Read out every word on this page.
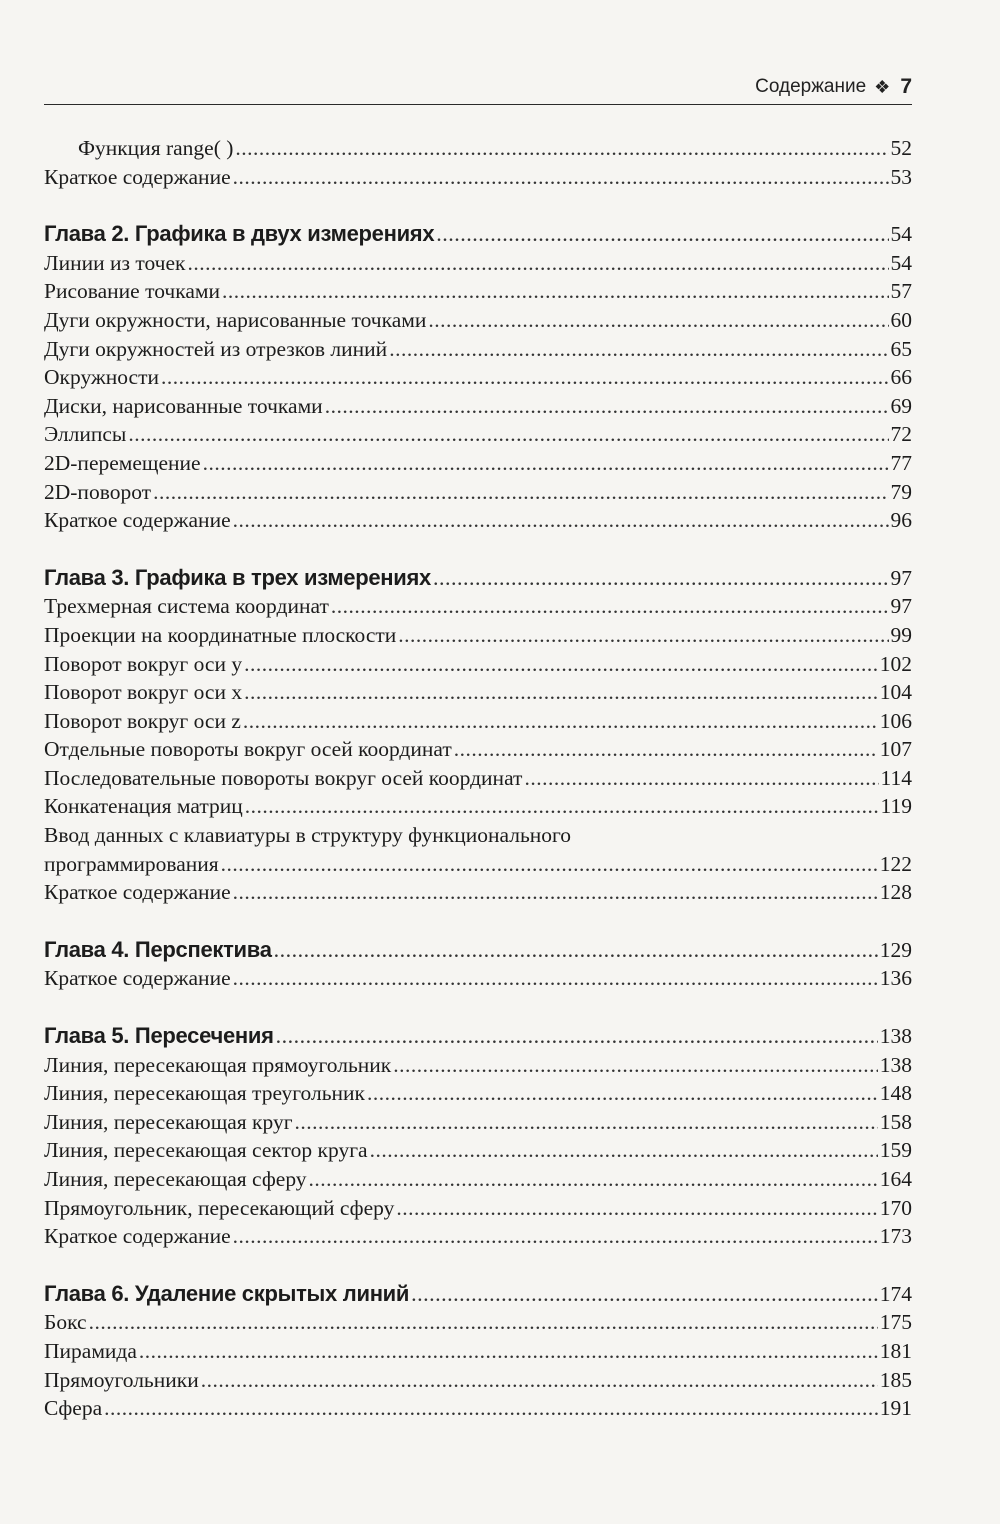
Содержание ❖ 7
Функция range( ) .....	52
Краткое содержание .....	53
Глава 2. Графика в двух измерениях .....	54
Линии из точек .....	54
Рисование точками .....	57
Дуги окружности, нарисованные точками .....	60
Дуги окружностей из отрезков линий .....	65
Окружности .....	66
Диски, нарисованные точками .....	69
Эллипсы .....	72
2D-перемещение .....	77
2D-поворот .....	79
Краткое содержание .....	96
Глава 3. Графика в трех измерениях .....	97
Трехмерная система координат .....	97
Проекции на координатные плоскости .....	99
Поворот вокруг оси y .....	102
Поворот вокруг оси x .....	104
Поворот вокруг оси z .....	106
Отдельные повороты вокруг осей координат .....	107
Последовательные повороты вокруг осей координат .....	114
Конкатенация матриц .....	119
Ввод данных с клавиатуры в структуру функционального
программирования .....	122
Краткое содержание .....	128
Глава 4. Перспектива .....	129
Краткое содержание .....	136
Глава 5. Пересечения .....	138
Линия, пересекающая прямоугольник .....	138
Линия, пересекающая треугольник .....	148
Линия, пересекающая круг .....	158
Линия, пересекающая сектор круга .....	159
Линия, пересекающая сферу .....	164
Прямоугольник, пересекающий сферу .....	170
Краткое содержание .....	173
Глава 6. Удаление скрытых линий .....	174
Бокс .....	175
Пирамида .....	181
Прямоугольники .....	185
Сфера .....	191
